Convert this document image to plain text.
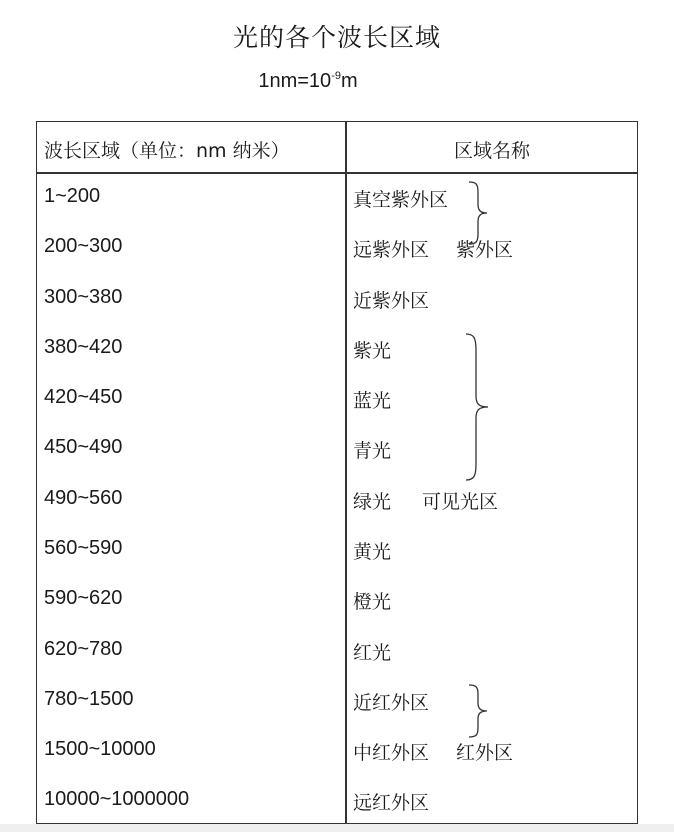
光的各个波长区域
$1nm=10^{-9}m$
波长区域（单位：nm 纳米）	区域名称
1~200
200~300
300~380
380~420
420~450
450~490
490~560
560~590
590~620
620~780
780~1500
1500~10000
10000~1000000
真空紫外区
远紫外区
近紫外区
紫光
蓝光
青光
绿光
黄光
橙光
红光
近红外区
中红外区
远红外区
紫外区
可见光区
红外区
